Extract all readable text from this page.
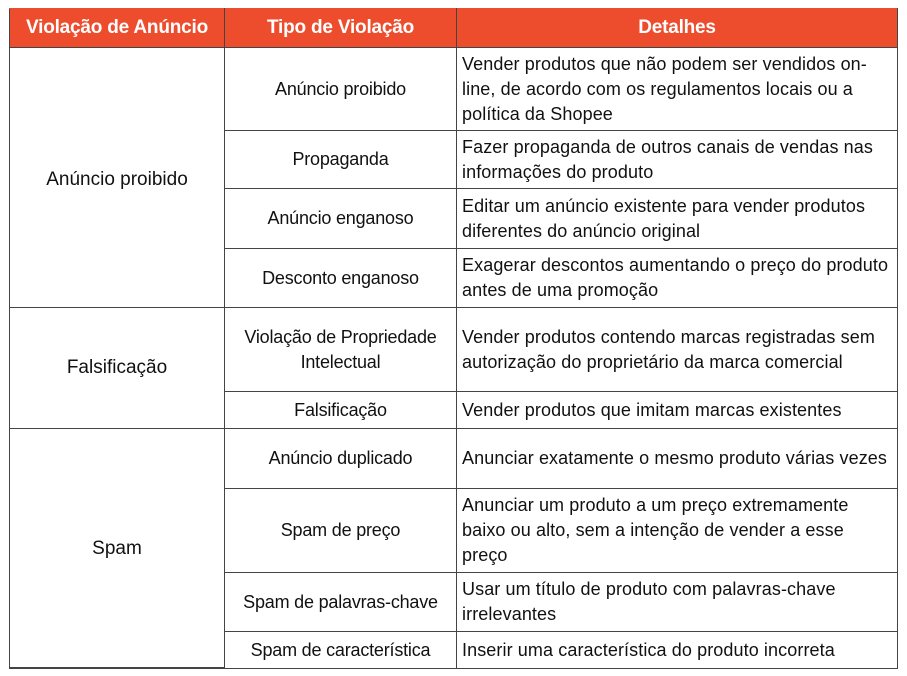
Violação de Anúncio	Tipo de Violação	Detalhes
Anúncio proibido	Anúncio proibido	Vender produtos que não podem ser vendidos on-line, de acordo com os regulamentos locais ou a política da Shopee
	Propaganda	Fazer propaganda de outros canais de vendas nas informações do produto
	Anúncio enganoso	Editar um anúncio existente para vender produtos diferentes do anúncio original
	Desconto enganoso	Exagerar descontos aumentando o preço do produto antes de uma promoção
Falsificação	Violação de Propriedade Intelectual	Vender produtos contendo marcas registradas sem autorização do proprietário da marca comercial
	Falsificação	Vender produtos que imitam marcas existentes
Spam	Anúncio duplicado	Anunciar exatamente o mesmo produto várias vezes
	Spam de preço	Anunciar um produto a um preço extremamente baixo ou alto, sem a intenção de vender a esse preço
	Spam de palavras-chave	Usar um título de produto com palavras-chave irrelevantes
	Spam de característica	Inserir uma característica do produto incorreta
